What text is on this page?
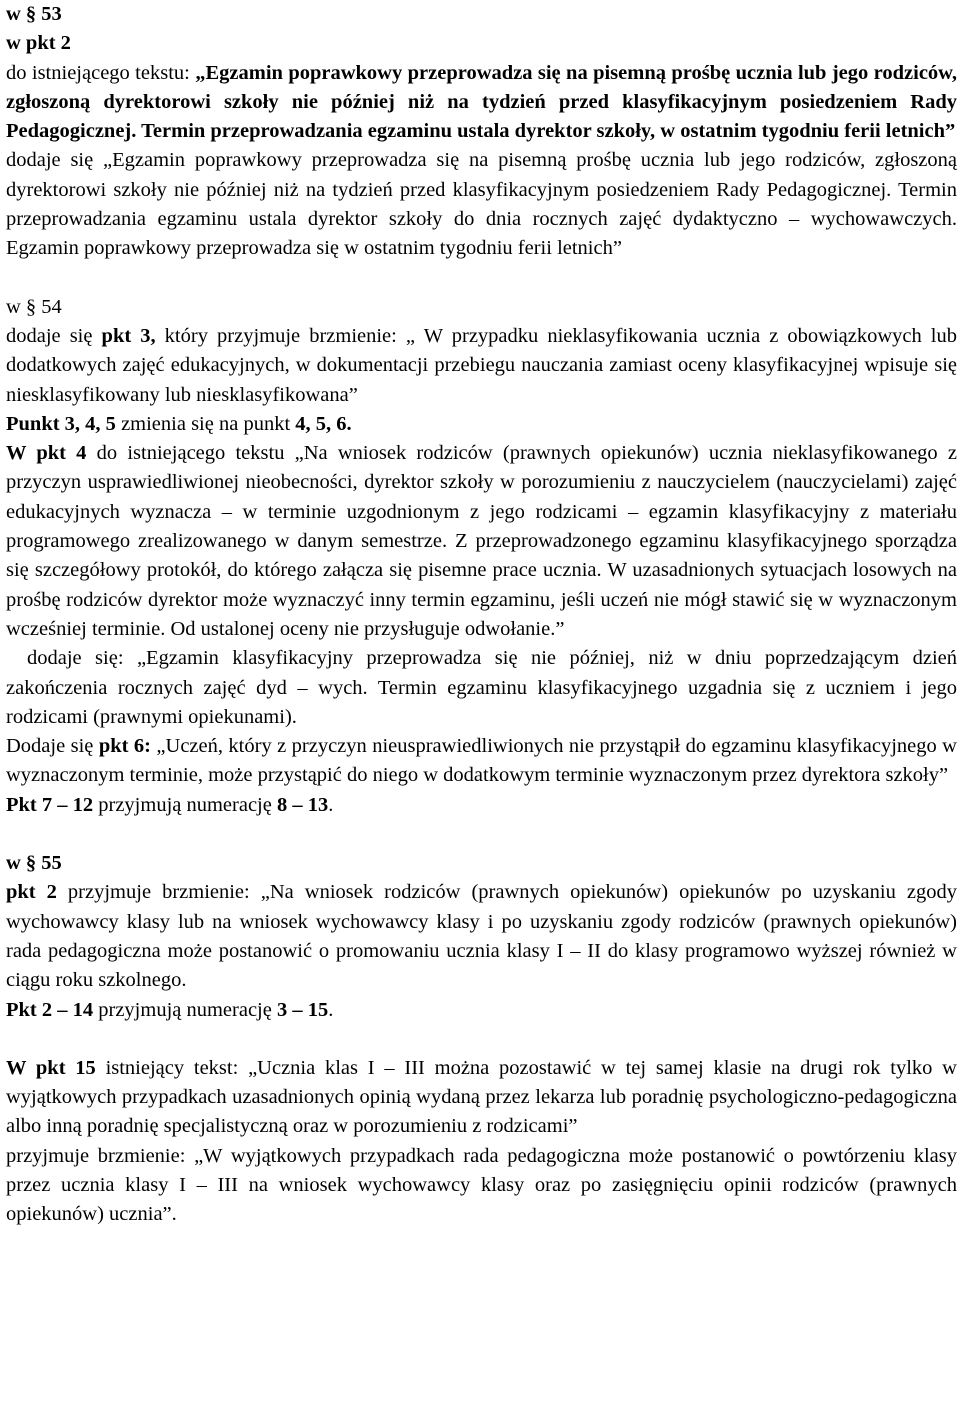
w § 53
w pkt 2
do istniejącego tekstu: „Egzamin poprawkowy przeprowadza się na pisemną prośbę ucznia lub jego rodziców, zgłoszoną dyrektorowi szkoły nie później niż na tydzień przed klasyfikacyjnym posiedzeniem Rady Pedagogicznej. Termin przeprowadzania egzaminu ustala dyrektor szkoły, w ostatnim tygodniu ferii letnich”
dodaje się „Egzamin poprawkowy przeprowadza się na pisemną prośbę ucznia lub jego rodziców, zgłoszoną dyrektorowi szkoły nie później niż na tydzień przed klasyfikacyjnym posiedzeniem Rady Pedagogicznej. Termin przeprowadzania egzaminu ustala dyrektor szkoły do dnia rocznych zajęć dydaktyczno – wychowawczych. Egzamin poprawkowy przeprowadza się w ostatnim tygodniu ferii letnich”
w § 54
dodaje się pkt 3, który przyjmuje brzmienie: „ W przypadku nieklasyfikowania ucznia z obowiązkowych lub dodatkowych zajęć edukacyjnych, w dokumentacji przebiegu nauczania zamiast oceny klasyfikacyjnej wpisuje się niesklasyfikowany lub niesklasyfikowana”
Punkt 3, 4, 5 zmienia się na punkt 4, 5, 6.
W pkt 4 do istniejącego tekstu „Na wniosek rodziców (prawnych opiekunów) ucznia nieklasyfikowanego z przyczyn usprawiedliwionej nieobecności, dyrektor szkoły w porozumieniu z nauczycielem (nauczycielami) zajęć edukacyjnych wyznacza – w terminie uzgodnionym z jego rodzicami – egzamin klasyfikacyjny z materiału programowego zrealizowanego w danym semestrze. Z przeprowadzonego egzaminu klasyfikacyjnego sporządza się szczegółowy protokół, do którego załącza się pisemne prace ucznia. W uzasadnionych sytuacjach losowych na prośbę rodziców dyrektor może wyznaczyć inny termin egzaminu, jeśli uczeń nie mógł stawić się w wyznaczonym wcześniej terminie. Od ustalonej oceny nie przysługuje odwołanie.”
dodaje się: „Egzamin klasyfikacyjny przeprowadza się nie później, niż w dniu poprzedzającym dzień zakończenia rocznych zajęć dyd – wych. Termin egzaminu klasyfikacyjnego uzgadnia się z uczniem i jego rodzicami (prawnymi opiekunami).
Dodaje się pkt 6: „Uczeń, który z przyczyn nieusprawiedliwionych nie przystąpił do egzaminu klasyfikacyjnego w wyznaczonym terminie, może przystąpić do niego w dodatkowym terminie wyznaczonym przez dyrektora szkoły”
Pkt 7 – 12 przyjmują numerację 8 – 13.
w § 55
pkt 2 przyjmuje brzmienie: „Na wniosek rodziców (prawnych opiekunów) opiekunów po uzyskaniu zgody wychowawcy klasy lub na wniosek wychowawcy klasy i po uzyskaniu zgody rodziców (prawnych opiekunów) rada pedagogiczna może postanowić o promowaniu ucznia klasy I – II do klasy programowo wyższej również w ciągu roku szkolnego.
Pkt 2 – 14 przyjmują numerację 3 – 15.
W pkt 15 istniejący tekst: „Ucznia klas I – III można pozostawić w tej samej klasie na drugi rok tylko w wyjątkowych przypadkach uzasadnionych opinią wydaną przez lekarza lub poradnię psychologiczno-pedagogiczna albo inną poradnię specjalistyczną oraz w porozumieniu z rodzicami”
przyjmuje brzmienie: „W wyjątkowych przypadkach rada pedagogiczna może postanowić o powtórzeniu klasy przez ucznia klasy I – III na wniosek wychowawcy klasy oraz po zasięgnięciu opinii rodziców (prawnych opiekunów) ucznia”.
